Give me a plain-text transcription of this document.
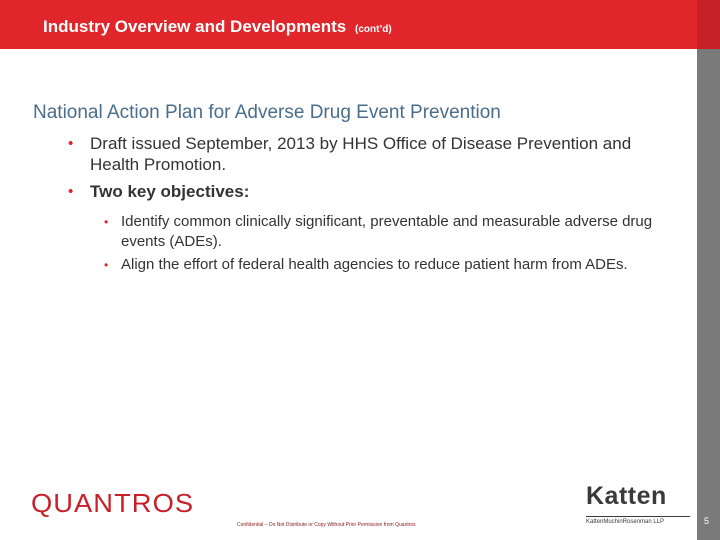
Industry Overview and Developments (cont’d)
National Action Plan for Adverse Drug Event Prevention
• Draft issued September, 2013 by HHS Office of Disease Prevention and Health Promotion.
• Two key objectives:
• Identify common clinically significant, preventable and measurable adverse drug events (ADEs).
• Align the effort of federal health agencies to reduce patient harm from ADEs.
QUANTROS
Confidential – Do Not Distribute or Copy Without Prior Permission from Quantros
Katten
KattenMuchinRosenman LLP	5
